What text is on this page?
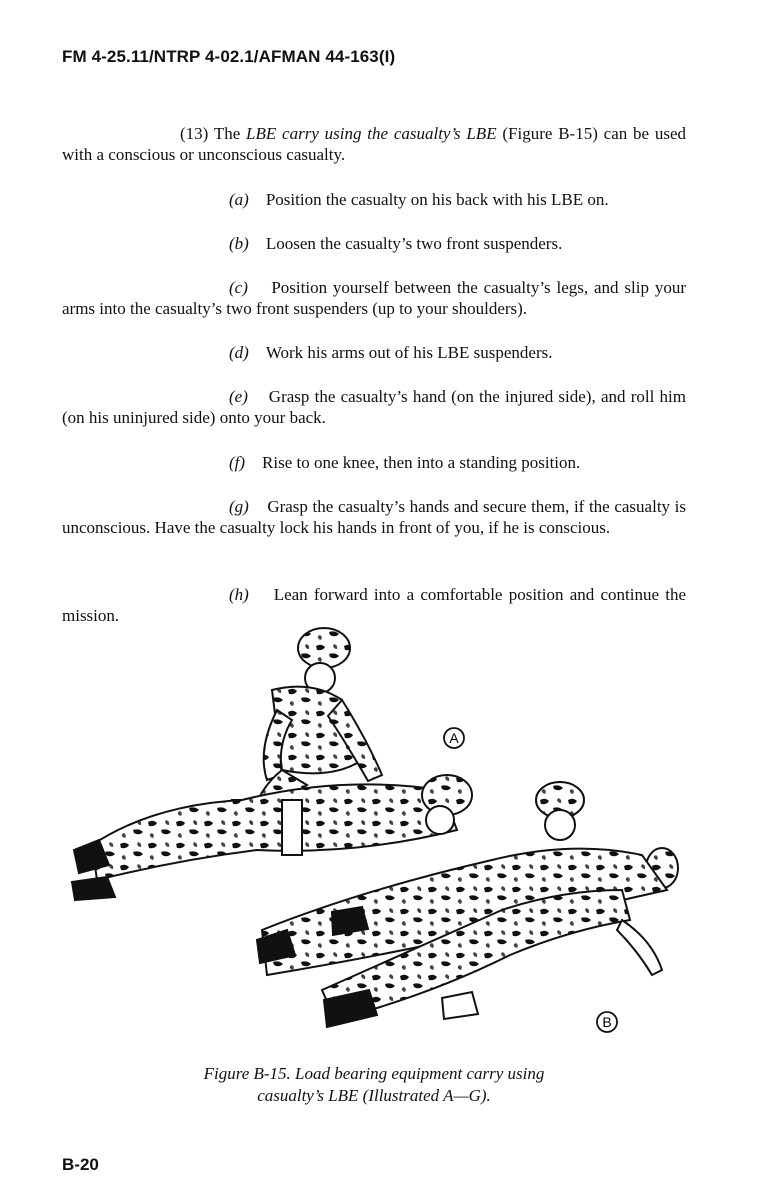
FM 4-25.11/NTRP 4-02.1/AFMAN 44-163(I)
(13) The LBE carry using the casualty’s LBE (Figure B-15) can be used with a conscious or unconscious casualty.
(a) Position the casualty on his back with his LBE on.
(b) Loosen the casualty’s two front suspenders.
(c) Position yourself between the casualty’s legs, and slip your arms into the casualty’s two front suspenders (up to your shoulders).
(d) Work his arms out of his LBE suspenders.
(e) Grasp the casualty’s hand (on the injured side), and roll him (on his uninjured side) onto your back.
(f) Rise to one knee, then into a standing position.
(g) Grasp the casualty’s hands and secure them, if the casualty is unconscious. Have the casualty lock his hands in front of you, if he is conscious.
(h) Lean forward into a comfortable position and continue the mission.
A
B
Figure B-15. Load bearing equipment carry using
casualty’s LBE (Illustrated A—G).
B-20
